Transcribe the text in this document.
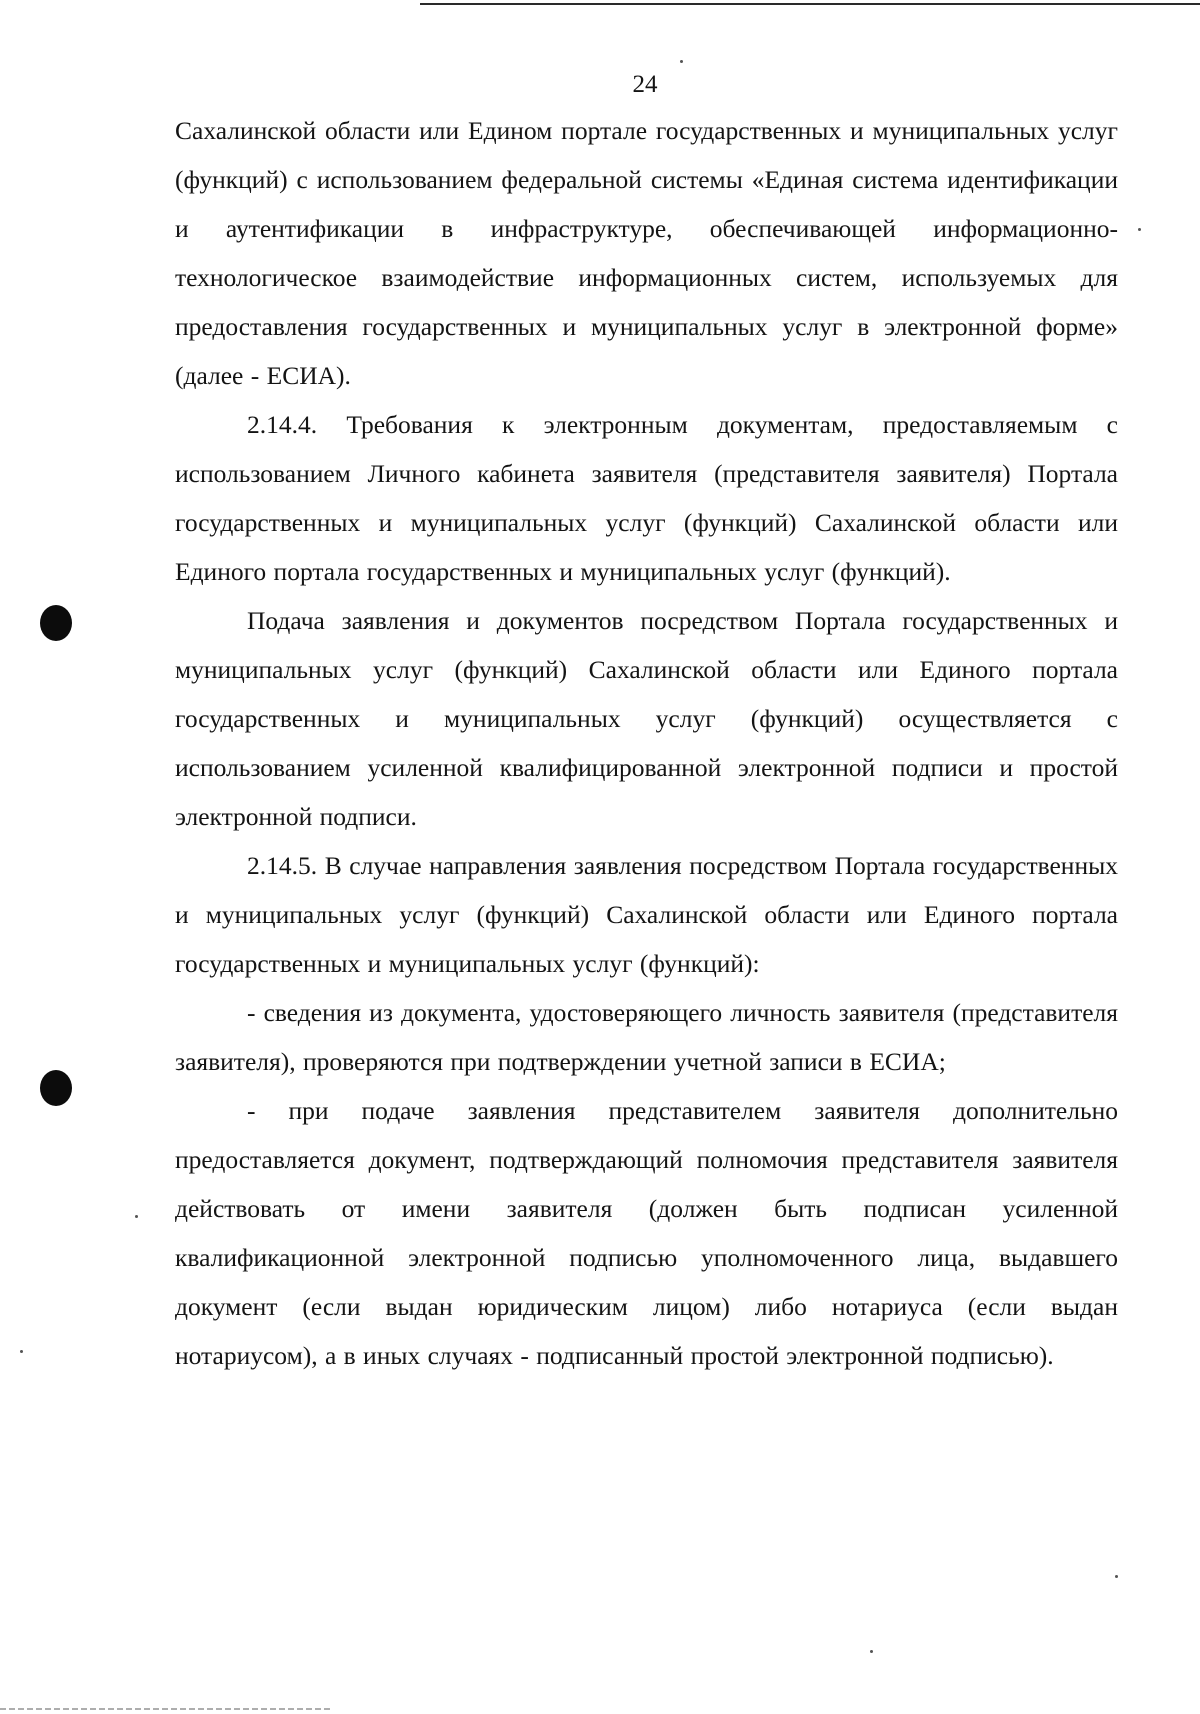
24

Сахалинской области или Едином портале государственных и муниципальных услуг (функций) с использованием федеральной системы «Единая система идентификации и аутентификации в инфраструктуре, обеспечивающей информационно-технологическое взаимодействие информационных систем, используемых для предоставления государственных и муниципальных услуг в электронной форме» (далее - ЕСИА).

2.14.4. Требования к электронным документам, предоставляемым с использованием Личного кабинета заявителя (представителя заявителя) Портала государственных и муниципальных услуг (функций) Сахалинской области или Единого портала государственных и муниципальных услуг (функций).

Подача заявления и документов посредством Портала государственных и муниципальных услуг (функций) Сахалинской области или Единого портала государственных и муниципальных услуг (функций) осуществляется с использованием усиленной квалифицированной электронной подписи и простой электронной подписи.

2.14.5. В случае направления заявления посредством Портала государственных и муниципальных услуг (функций) Сахалинской области или Единого портала государственных и муниципальных услуг (функций):

- сведения из документа, удостоверяющего личность заявителя (представителя заявителя), проверяются при подтверждении учетной записи в ЕСИА;

- при подаче заявления представителем заявителя дополнительно предоставляется документ, подтверждающий полномочия представителя заявителя действовать от имени заявителя (должен быть подписан усиленной квалификационной электронной подписью уполномоченного лица, выдавшего документ (если выдан юридическим лицом) либо нотариуса (если выдан нотариусом), а в иных случаях - подписанный простой электронной подписью).
